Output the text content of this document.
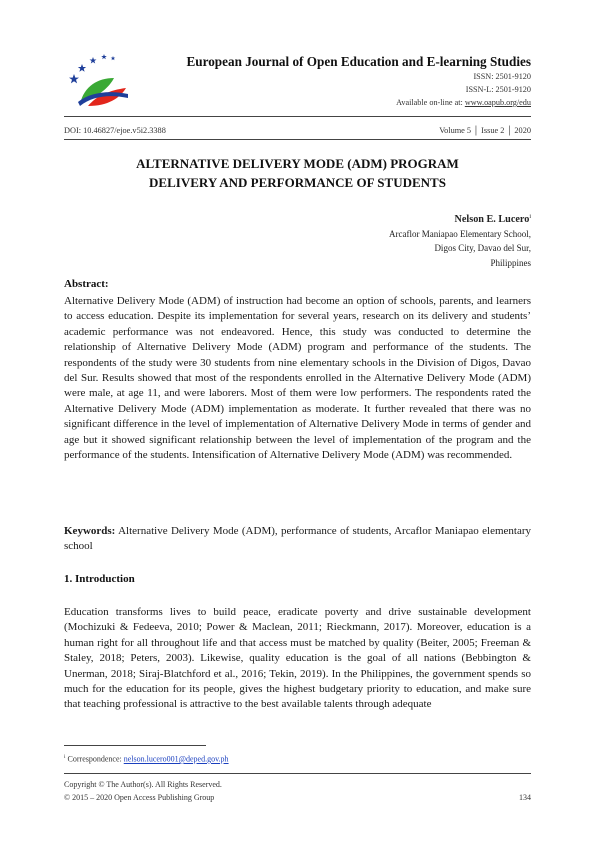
European Journal of Open Education and E-learning Studies
ISSN: 2501-9120
ISSN-L: 2501-9120
Available on-line at: www.oapub.org/edu
DOI: 10.46827/ejoe.v5i2.3388	Volume 5 │ Issue 2 │ 2020
ALTERNATIVE DELIVERY MODE (ADM) PROGRAM
DELIVERY AND PERFORMANCE OF STUDENTS
Nelson E. Lucero$^i$
Arcaflor Maniapao Elementary School,
Digos City, Davao del Sur,
Philippines
Abstract:
Alternative Delivery Mode (ADM) of instruction had become an option of schools, parents, and learners to access education. Despite its implementation for several years, research on its delivery and students’ academic performance was not endeavored. Hence, this study was conducted to determine the relationship of Alternative Delivery Mode (ADM) program and performance of the students. The respondents of the study were 30 students from nine elementary schools in the Division of Digos, Davao del Sur. Results showed that most of the respondents enrolled in the Alternative Delivery Mode (ADM) were male, at age 11, and were laborers. Most of them were low performers. The respondents rated the Alternative Delivery Mode (ADM) implementation as moderate. It further revealed that there was no significant difference in the level of implementation of Alternative Delivery Mode in terms of gender and age but it showed significant relationship between the level of implementation of the program and the performance of the students. Intensification of Alternative Delivery Mode (ADM) was recommended.
Keywords: Alternative Delivery Mode (ADM), performance of students, Arcaflor Maniapao elementary school
1. Introduction
Education transforms lives to build peace, eradicate poverty and drive sustainable development (Mochizuki & Fedeeva, 2010; Power & Maclean, 2011; Rieckmann, 2017). Moreover, education is a human right for all throughout life and that access must be matched by quality (Beiter, 2005; Freeman & Staley, 2018; Peters, 2003). Likewise, quality education is the goal of all nations (Bebbington & Unerman, 2018; Siraj-Blatchford et al., 2016; Tekin, 2019). In the Philippines, the government spends so much for the education for its people, gives the highest budgetary priority to education, and make sure that teaching professional is attractive to the best available talents through adequate
$^i$ Correspondence: nelson.lucero001@deped.gov.ph
Copyright © The Author(s). All Rights Reserved.
© 2015 – 2020 Open Access Publishing Group	134
